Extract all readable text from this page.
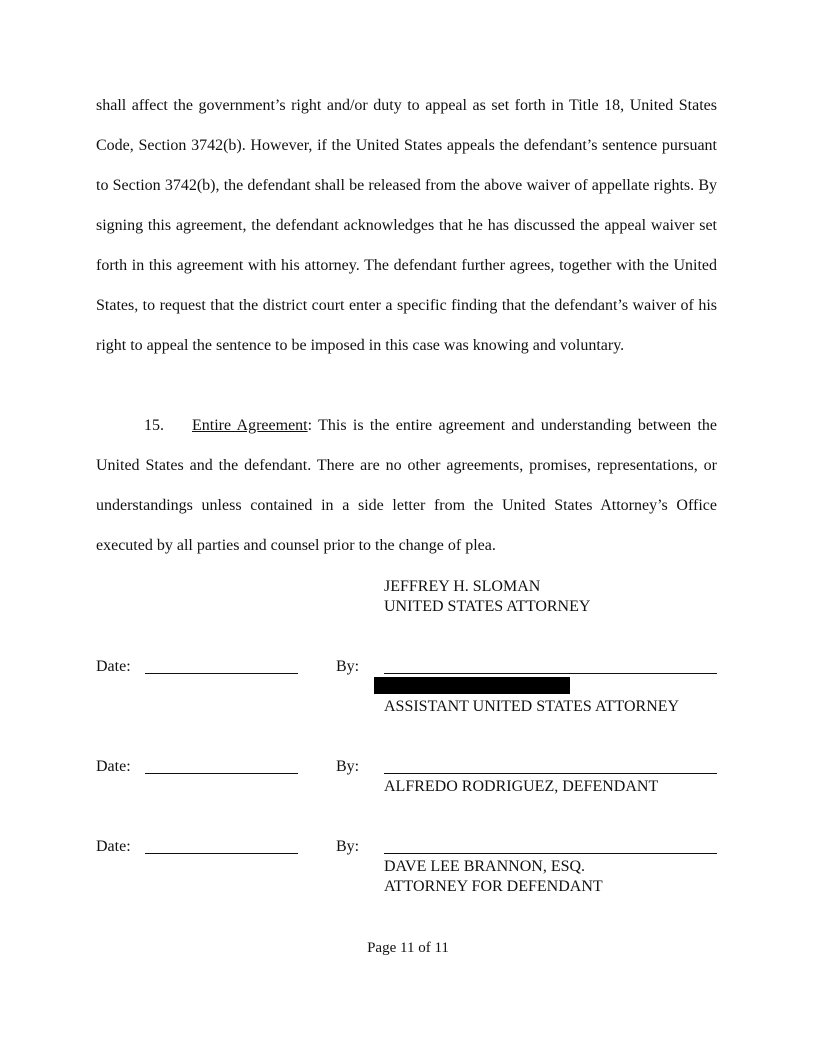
shall affect the government’s right and/or duty to appeal as set forth in Title 18, United States Code, Section 3742(b). However, if the United States appeals the defendant’s sentence pursuant to Section 3742(b), the defendant shall be released from the above waiver of appellate rights. By signing this agreement, the defendant acknowledges that he has discussed the appeal waiver set forth in this agreement with his attorney. The defendant further agrees, together with the United States, to request that the district court enter a specific finding that the defendant’s waiver of his right to appeal the sentence to be imposed in this case was knowing and voluntary.

15. Entire Agreement: This is the entire agreement and understanding between the United States and the defendant. There are no other agreements, promises, representations, or understandings unless contained in a side letter from the United States Attorney’s Office executed by all parties and counsel prior to the change of plea.

JEFFREY H. SLOMAN
UNITED STATES ATTORNEY
Date:	By:
ASSISTANT UNITED STATES ATTORNEY
Date:	By:
ALFREDO RODRIGUEZ, DEFENDANT
Date:	By:
DAVE LEE BRANNON, ESQ.
ATTORNEY FOR DEFENDANT
Page 11 of 11
